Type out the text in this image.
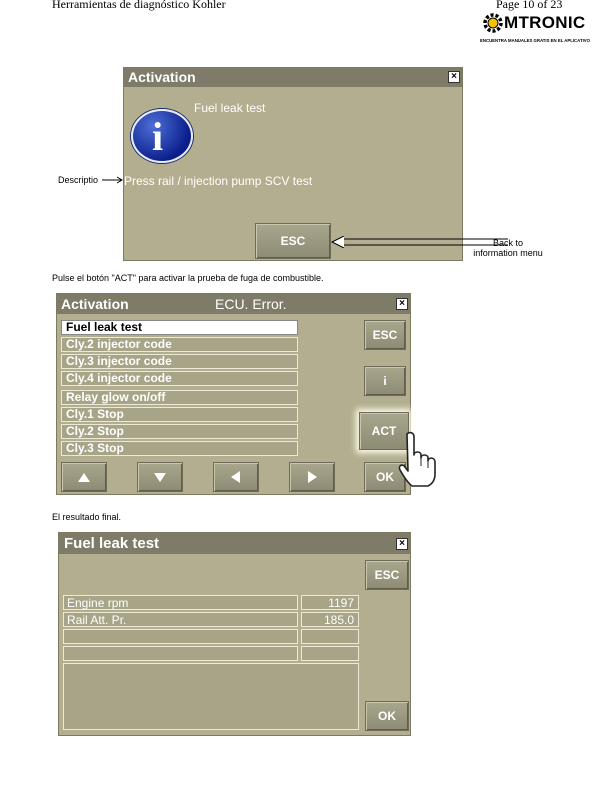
Herramientas de diagnóstico Kohler	Page 10 of 23
MTRONIC
ENCUENTRA MANUALES GRATIS EN EL APLICATIVO
Activation	×
i
Fuel leak test
Press rail / injection pump SCV test
ESC
Descriptio
Back to
information menu
Pulse el botón "ACT" para activar la prueba de fuga de combustible.
Activation	ECU. Error.	×
Fuel leak test
Cly.2 injector code
Cly.3 injector code
Cly.4 injector code
Relay glow on/off
Cly.1 Stop
Cly.2 Stop
Cly.3 Stop
ESC
i
ACT
OK
El resultado final.
Fuel leak test	×
Engine rpm	1197
Rail Att. Pr.	185.0
ESC
OK
